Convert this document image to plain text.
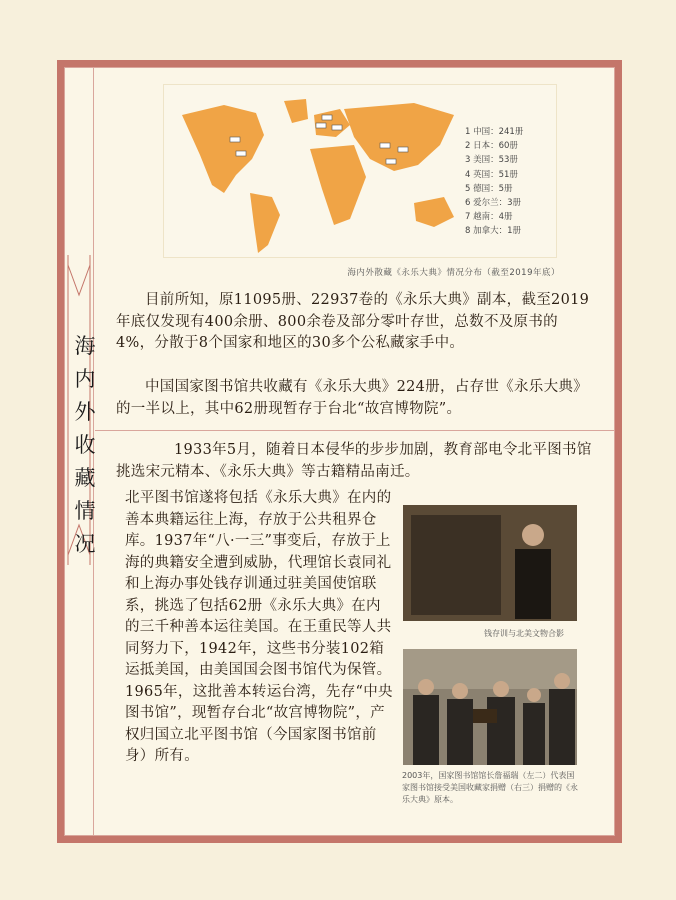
海内外收藏情况
1 中国：241册
2 日本：60册
3 美国：53册
4 英国：51册
5 德国：5册
6 爱尔兰：3册
7 越南：4册
8 加拿大：1册
海内外散藏《永乐大典》情况分布（截至2019年底）
目前所知，原11095册、22937卷的《永乐大典》副本，截至2019年底仅发现有400余册、800余卷及部分零叶存世，总数不及原书的4%，分散于8个国家和地区的30多个公私藏家手中。
中国国家图书馆共收藏有《永乐大典》224册，占存世《永乐大典》的一半以上，其中62册现暂存于台北“故宫博物院”。
1933年5月，随着日本侵华的步步加剧，教育部电令北平图书馆挑选宋元精本、《永乐大典》等古籍精品南迁。
北平图书馆遂将包括《永乐大典》在内的善本典籍运往上海，存放于公共租界仓库。1937年“八·一三”事变后，存放于上海的典籍安全遭到威胁，代理馆长袁同礼和上海办事处钱存训通过驻美国使馆联系，挑选了包括62册《永乐大典》在内的三千种善本运往美国。在王重民等人共同努力下，1942年，这些书分装102箱运抵美国，由美国国会图书馆代为保管。1965年，这批善本转运台湾，先存“中央图书馆”，现暂存台北“故宫博物院”，产权归国立北平图书馆（今国家图书馆前身）所有。
钱存训与北美文物合影
2003年，国家图书馆馆长詹福瑞（左二）代表国家图书馆接受美国收藏家捐赠（右三）捐赠的《永乐大典》原本。
